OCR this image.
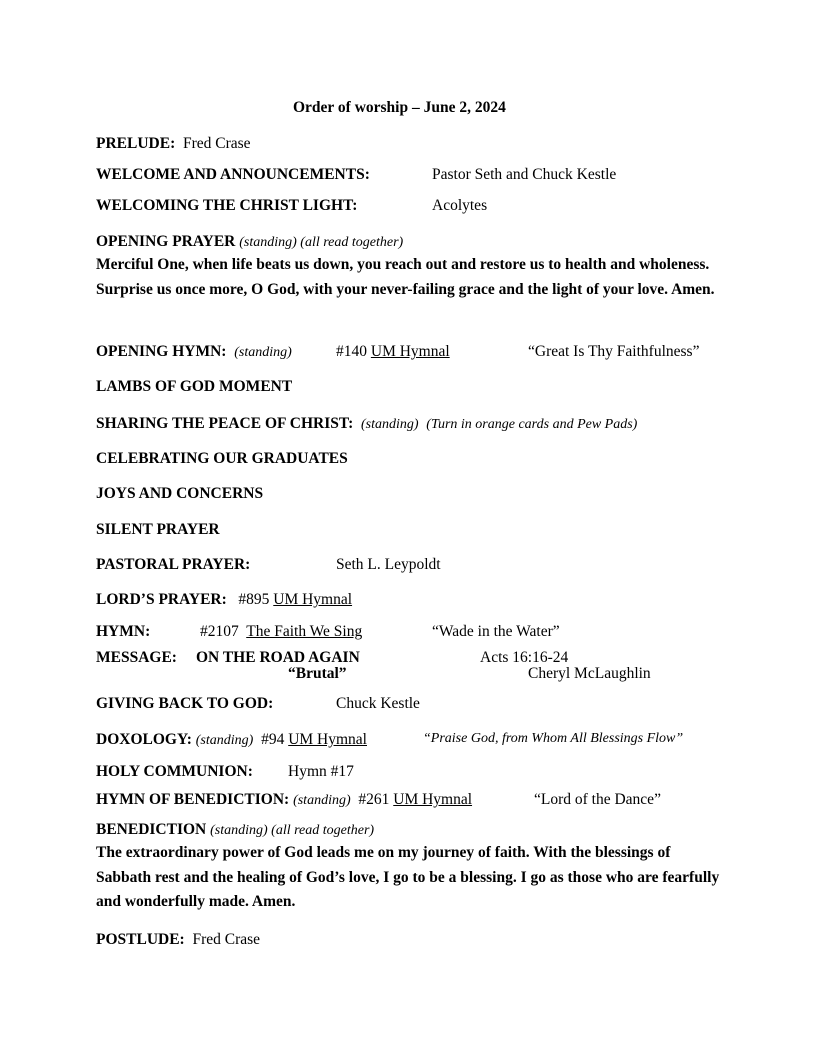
Order of worship – June 2, 2024
PRELUDE: Fred Crase
WELCOME AND ANNOUNCEMENTS:	Pastor Seth and Chuck Kestle
WELCOMING THE CHRIST LIGHT:	Acolytes
OPENING PRAYER (standing) (all read together)
Merciful One, when life beats us down, you reach out and restore us to health and wholeness. Surprise us once more, O God, with your never-failing grace and the light of your love. Amen.
OPENING HYMN: (standing)	#140 UM Hymnal	“Great Is Thy Faithfulness”
LAMBS OF GOD MOMENT
SHARING THE PEACE OF CHRIST: (standing) (Turn in orange cards and Pew Pads)
CELEBRATING OUR GRADUATES
JOYS AND CONCERNS
SILENT PRAYER
PASTORAL PRAYER:	Seth L. Leypoldt
LORD’S PRAYER: #895 UM Hymnal
HYMN:	#2107 The Faith We Sing	“Wade in the Water”
MESSAGE: ON THE ROAD AGAIN	Acts 16:16-24
“Brutal”	Cheryl McLaughlin
GIVING BACK TO GOD:	Chuck Kestle
DOXOLOGY: (standing) #94 UM Hymnal	“Praise God, from Whom All Blessings Flow”
HOLY COMMUNION: Hymn #17
HYMN OF BENEDICTION: (standing) #261 UM Hymnal	“Lord of the Dance”
BENEDICTION (standing) (all read together)
The extraordinary power of God leads me on my journey of faith. With the blessings of Sabbath rest and the healing of God’s love, I go to be a blessing. I go as those who are fearfully and wonderfully made. Amen.
POSTLUDE: Fred Crase
